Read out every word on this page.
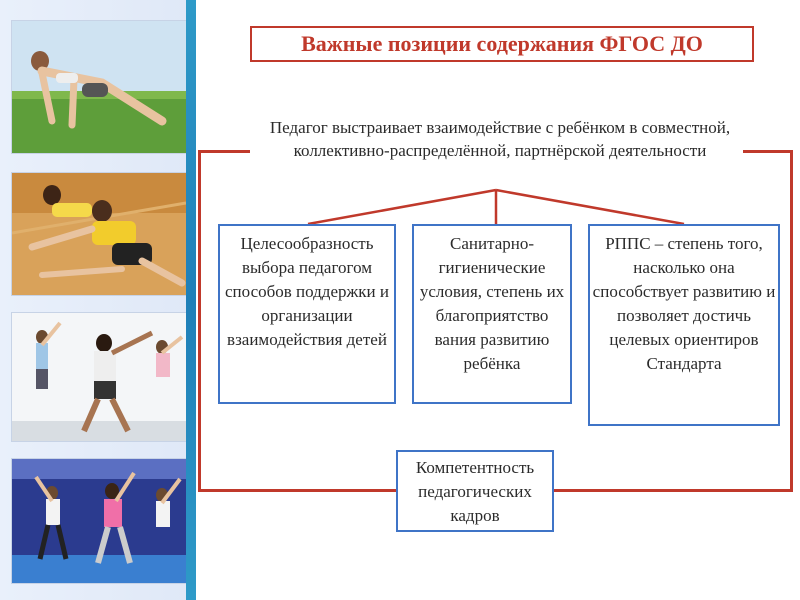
Важные позиции содержания ФГОС ДО
Педагог выстраивает взаимодействие с ребёнком в совместной, коллективно-распределённой, партнёрской деятельности
Целесообразность выбора педагогом способов поддержки и организации взаимодействия детей
Санитарно-гигиенические условия, степень их благоприятство вания развитию ребёнка
РППС – степень того, насколько она способствует развитию и позволяет достичь целевых ориентиров Стандарта
Компетентность педагогических кадров
